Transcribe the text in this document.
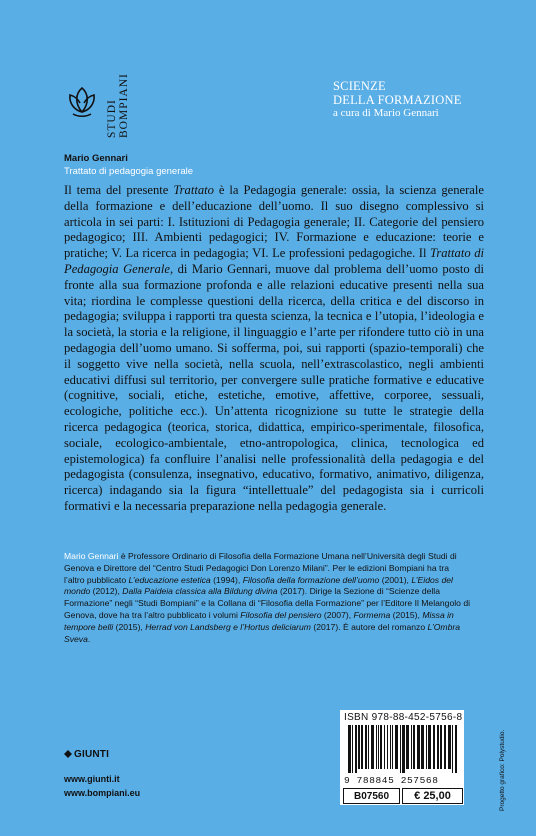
STUDI BOMPIANI	SCIENZE
DELLA FORMAZIONE
a cura di Mario Gennari
Mario Gennari
Trattato di pedagogia generale

Il tema del presente Trattato è la Pedagogia generale: ossia, la scienza generale della formazione e dell’educazione dell’uomo. Il suo disegno complessivo si articola in sei parti: I. Istituzioni di Pedagogia generale; II. Categorie del pensiero pedagogico; III. Ambienti pedagogici; IV. Formazione e educazione: teorie e pratiche; V. La ricerca in pedagogia; VI. Le professioni pedagogiche. Il Trattato di Pedagogia Generale, di Mario Gennari, muove dal problema dell’uomo posto di fronte alla sua formazione profonda e alle relazioni educative presenti nella sua vita; riordina le complesse questioni della ricerca, della critica e del discorso in pedagogia; sviluppa i rapporti tra questa scienza, la tecnica e l’utopia, l’ideologia e la società, la storia e la religione, il linguaggio e l’arte per rifondere tutto ciò in una pedagogia dell’uomo umano. Si sofferma, poi, sui rapporti (spazio-temporali) che il soggetto vive nella società, nella scuola, nell’extrascolastico, negli ambienti educativi diffusi sul territorio, per convergere sulle pratiche formative e educative (cognitive, sociali, etiche, estetiche, emotive, affettive, corporee, sessuali, ecologiche, politiche ecc.). Un’attenta ricognizione su tutte le strategie della ricerca pedagogica (teorica, storica, didattica, empirico-sperimentale, filosofica, sociale, ecologico-ambientale, etno-antropologica, clinica, tecnologica ed epistemologica) fa confluire l’analisi nelle professionalità della pedagogia e del pedagogista (consulenza, insegnativo, educativo, formativo, animativo, diligenza, ricerca) indagando sia la figura “intellettuale” del pedagogista sia i curricoli formativi e la necessaria preparazione nella pedagogia generale.

Mario Gennari è Professore Ordinario di Filosofia della Formazione Umana nell’Università degli Studi di Genova e Direttore del “Centro Studi Pedagogici Don Lorenzo Milani”. Per le edizioni Bompiani ha tra l’altro pubblicato L’educazione estetica (1994), Filosofia della formazione dell’uomo (2001), L’Eidos del mondo (2012), Dalla Paideia classica alla Bildung divina (2017). Dirige la Sezione di “Scienze della Formazione” negli “Studi Bompiani” e la Collana di “Filosofia della Formazione” per l’Editore Il Melangolo di Genova, dove ha tra l’altro pubblicato i volumi Filosofia del pensiero (2007), Formema (2015), Missa in tempore belli (2015), Herrad von Landsberg e l’Hortus deliciarum (2017). È autore del romanzo L’Ombra Sveva.

ISBN 978-88-452-5756-8
9 788845 257568
B07560	€ 25,00	Progetto grafico: Polystudio.
GIUNTI
www.giunti.it
www.bompiani.eu
